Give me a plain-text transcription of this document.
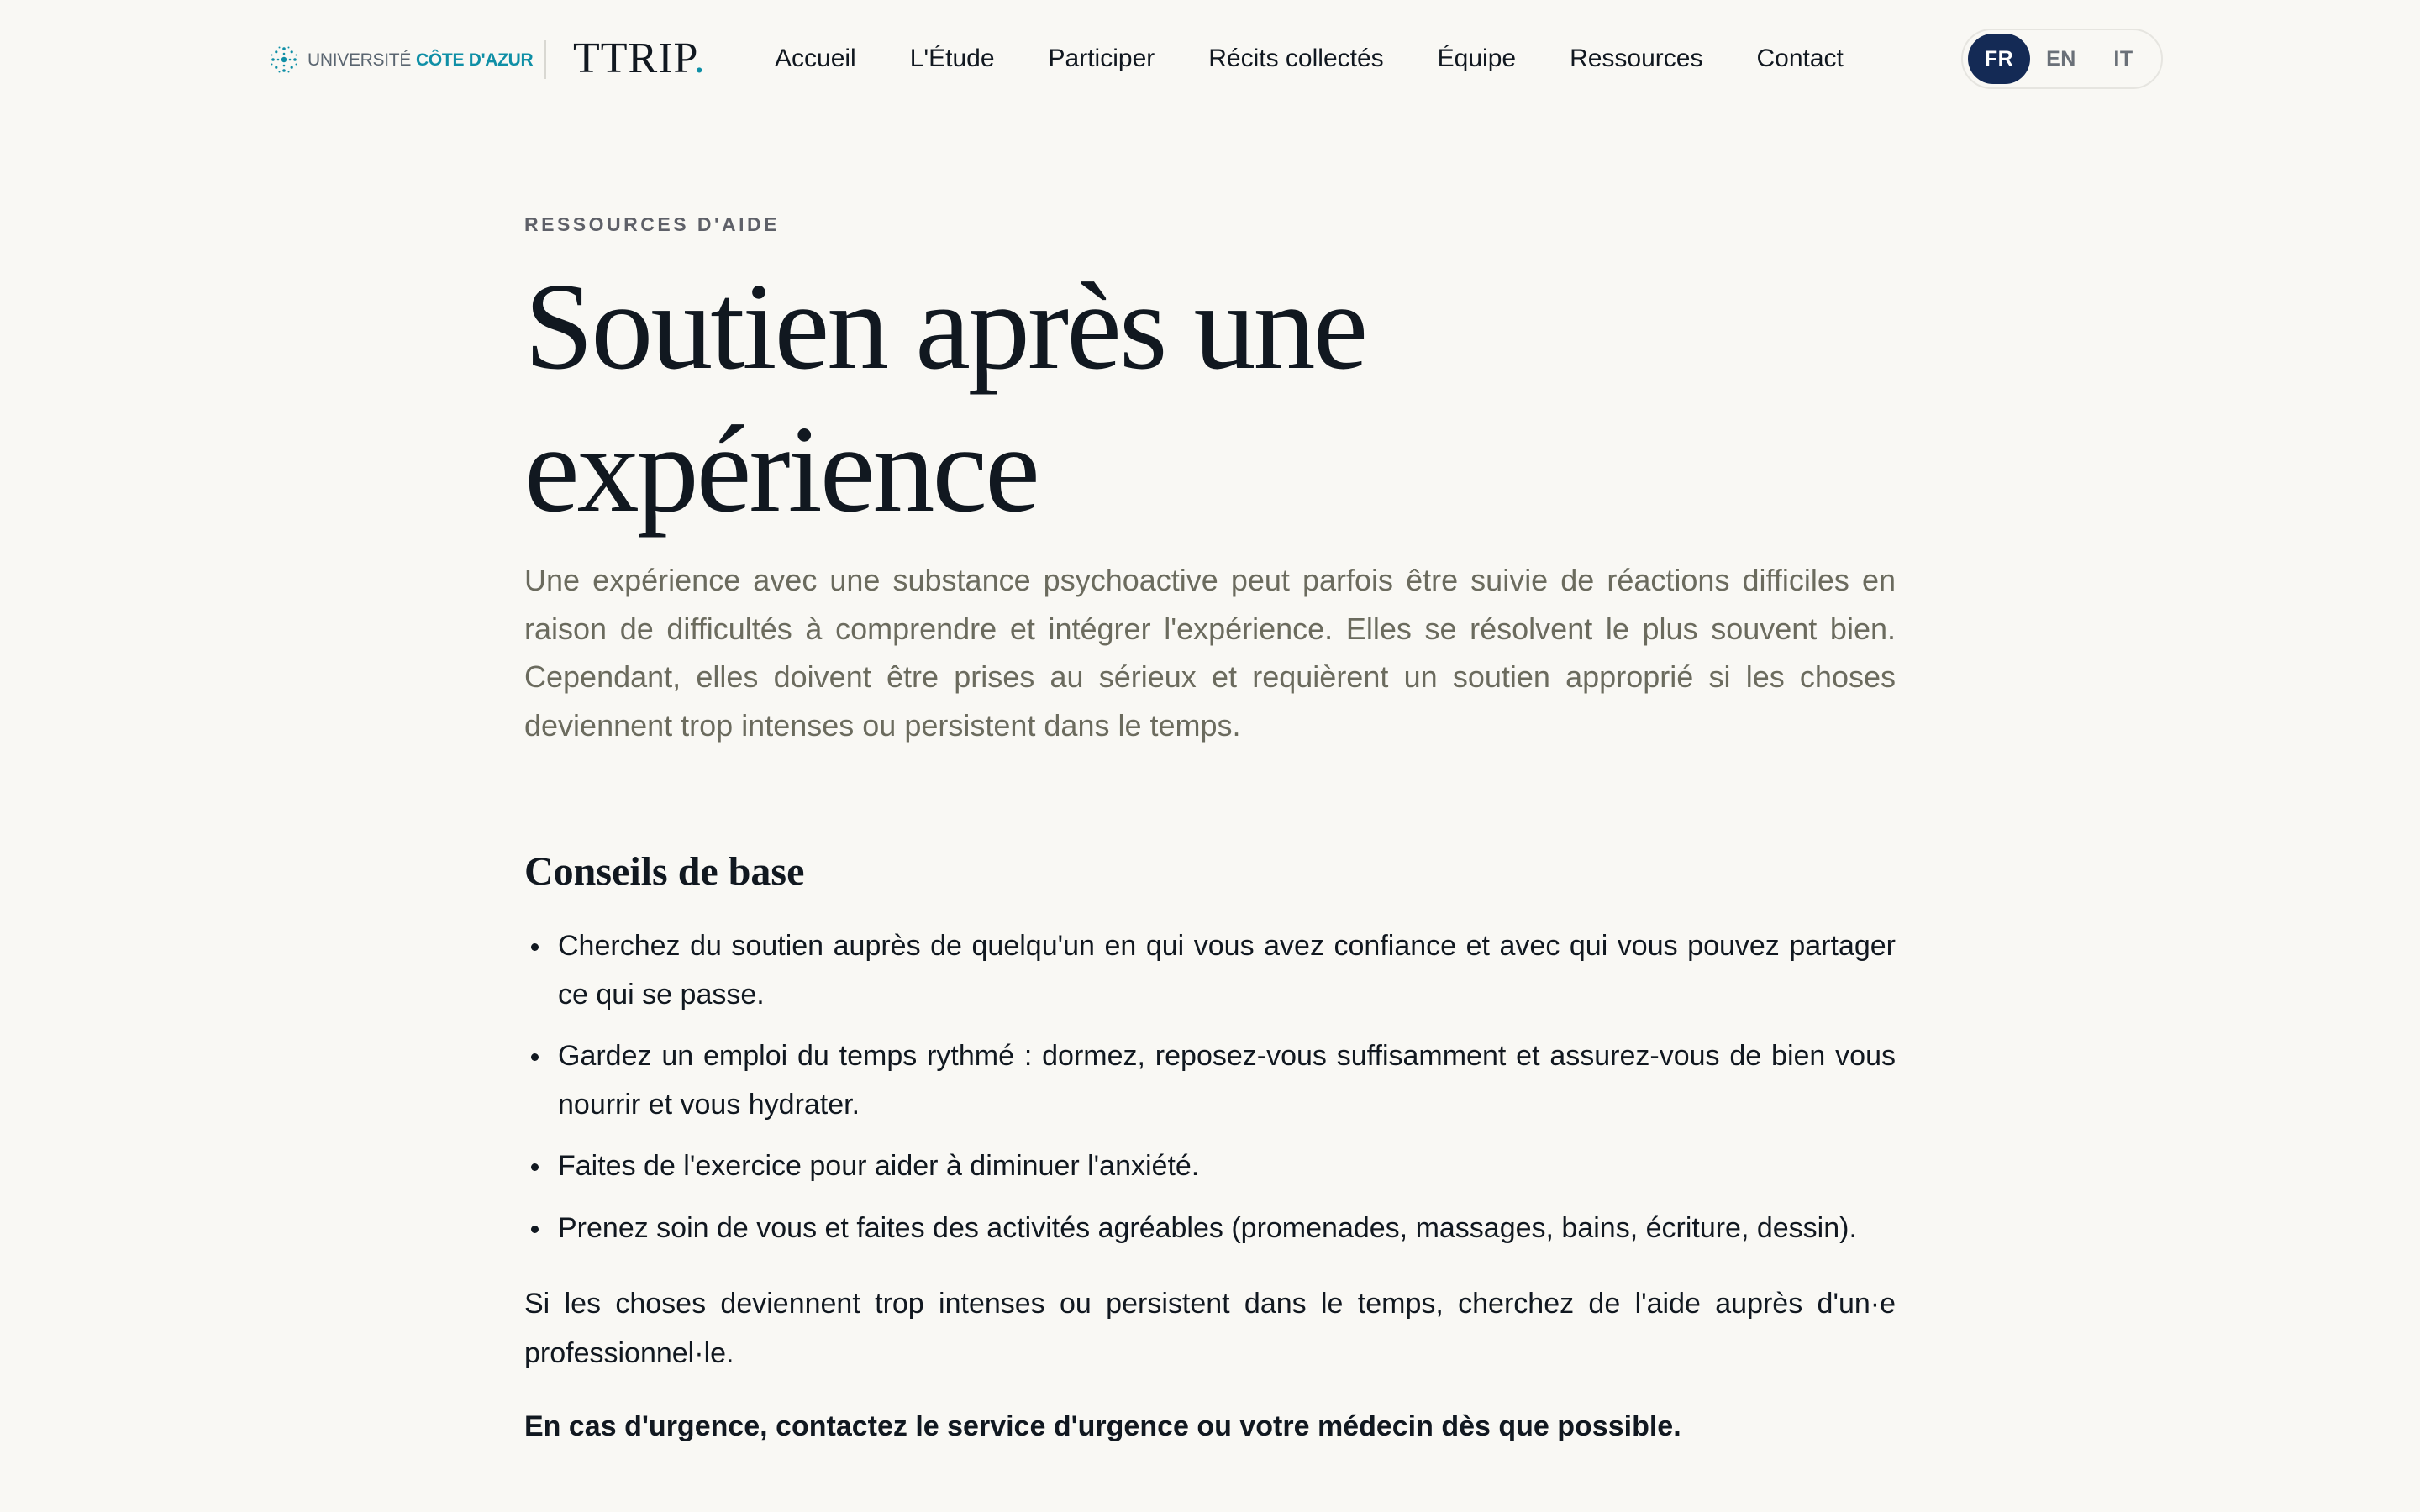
UNIVERSITÉ CÔTE D'AZUR TTRIP.	Accueil L'Étude Participer Récits collectés Équipe Ressources Contact	FR	EN	IT
RESSOURCES D'AIDE
Soutien après une expérience

Une expérience avec une substance psychoactive peut parfois être suivie de réactions difficiles en raison de difficultés à comprendre et intégrer l'expérience. Elles se résolvent le plus souvent bien. Cependant, elles doivent être prises au sérieux et requièrent un soutien approprié si les choses deviennent trop intenses ou persistent dans le temps.

Conseils de base
Cherchez du soutien auprès de quelqu'un en qui vous avez confiance et avec qui vous pouvez partager ce qui se passe.
Gardez un emploi du temps rythmé : dormez, reposez-vous suffisamment et assurez-vous de bien vous nourrir et vous hydrater.
Faites de l'exercice pour aider à diminuer l'anxiété.
Prenez soin de vous et faites des activités agréables (promenades, massages, bains, écriture, dessin).

Si les choses deviennent trop intenses ou persistent dans le temps, cherchez de l'aide auprès d'un·e professionnel·le.

En cas d'urgence, contactez le service d'urgence ou votre médecin dès que possible.
